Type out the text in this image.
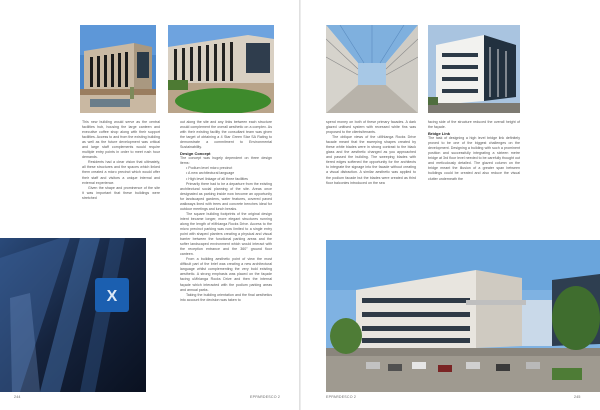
X

This new building would serve as the central facilities hub, housing the large canteen and executive coffee shop along with their support facilities. Access to and from the existing building as well as the future development was critical and large staff complements would require multiple entry points in order to meet rush hour demands.

Residents had a clear vision that ultimately, all these structures and the spaces which linked them created a micro precinct which would offer their staff and visitors a unique internal and external experience.

Given the shape and prominence of the site it was important that these buildings were stretched

out along the site and any links between each structure would complement the overall aesthetic on a complex. As with their existing facility the consultant team was given the target of obtaining a 4 Star Green Star SA Rating to demonstrate a commitment to Environmental Sustainability.

Design Concept

The concept was hugely dependent on three design items:

• Podium level micro precinct

• A new architectural language

• High level linkage of all three facilities

Primarily there had to be a departure from the existing architectural social planning of the site. Areas once designated as parking inside now become an opportunity for landscaped gardens, water features, covered paved walkways lined with trees and concrete benches ideal for outdoor meetings and lunch breaks.

The square building footprints of the original design intent became longer, more elegant structures running along the length of eMhlanga Rocks Drive. Access to the micro precinct parking was now limited to a single entry point with shaped planters creating a physical and visual barrier between the functional parking areas and the softer landscaped environment which would interact with the reception entrance and the 360° ground floor canteen.

From a building aesthetic point of view the most difficult part of the brief was creating a new architectural language whilst complementing the very bold existing aesthetic. A strong emphasis was placed on the façade facing uMhlanga Rocks Drive and then the internal façade which interacted with the podium parking areas and annual parks.

Taking the building orientation and the final aesthetics into account the decision was taken to

244	EPPARDESCO 2

spend money on both of these primary facades. A dark glazed unitised system with recessed white fins was proposed to the clients/tenants.

The oblique views of the uMhlanga Rocks Drive facade meant that the sweeping shapes created by these white blades were in strong contrast to the black glass and the aesthetic changed as you approached and passed the building. The sweeping blades with tiered edges softened the opportunity for the architects to integrate the signage into the facade without creating a visual distraction. A similar aesthetic was applied to the podium facade but the blades were created as third floor balconies introduced on the sea

facing side of the structure reduced the overall height of the façade.

Bridge Link

The task of designing a high level bridge link definitely proved to be one of the biggest challenges on the development. Designing a building with such a prominent position and successfully integrating a sixteen metre bridge at 3rd floor level needed to be carefully thought out and meticulously detailed. The glazed column on the bridge meant the illusion of a greater span between buildings could be created and also reduce the visual clutter underneath the

EPPARDESCO 2	245
